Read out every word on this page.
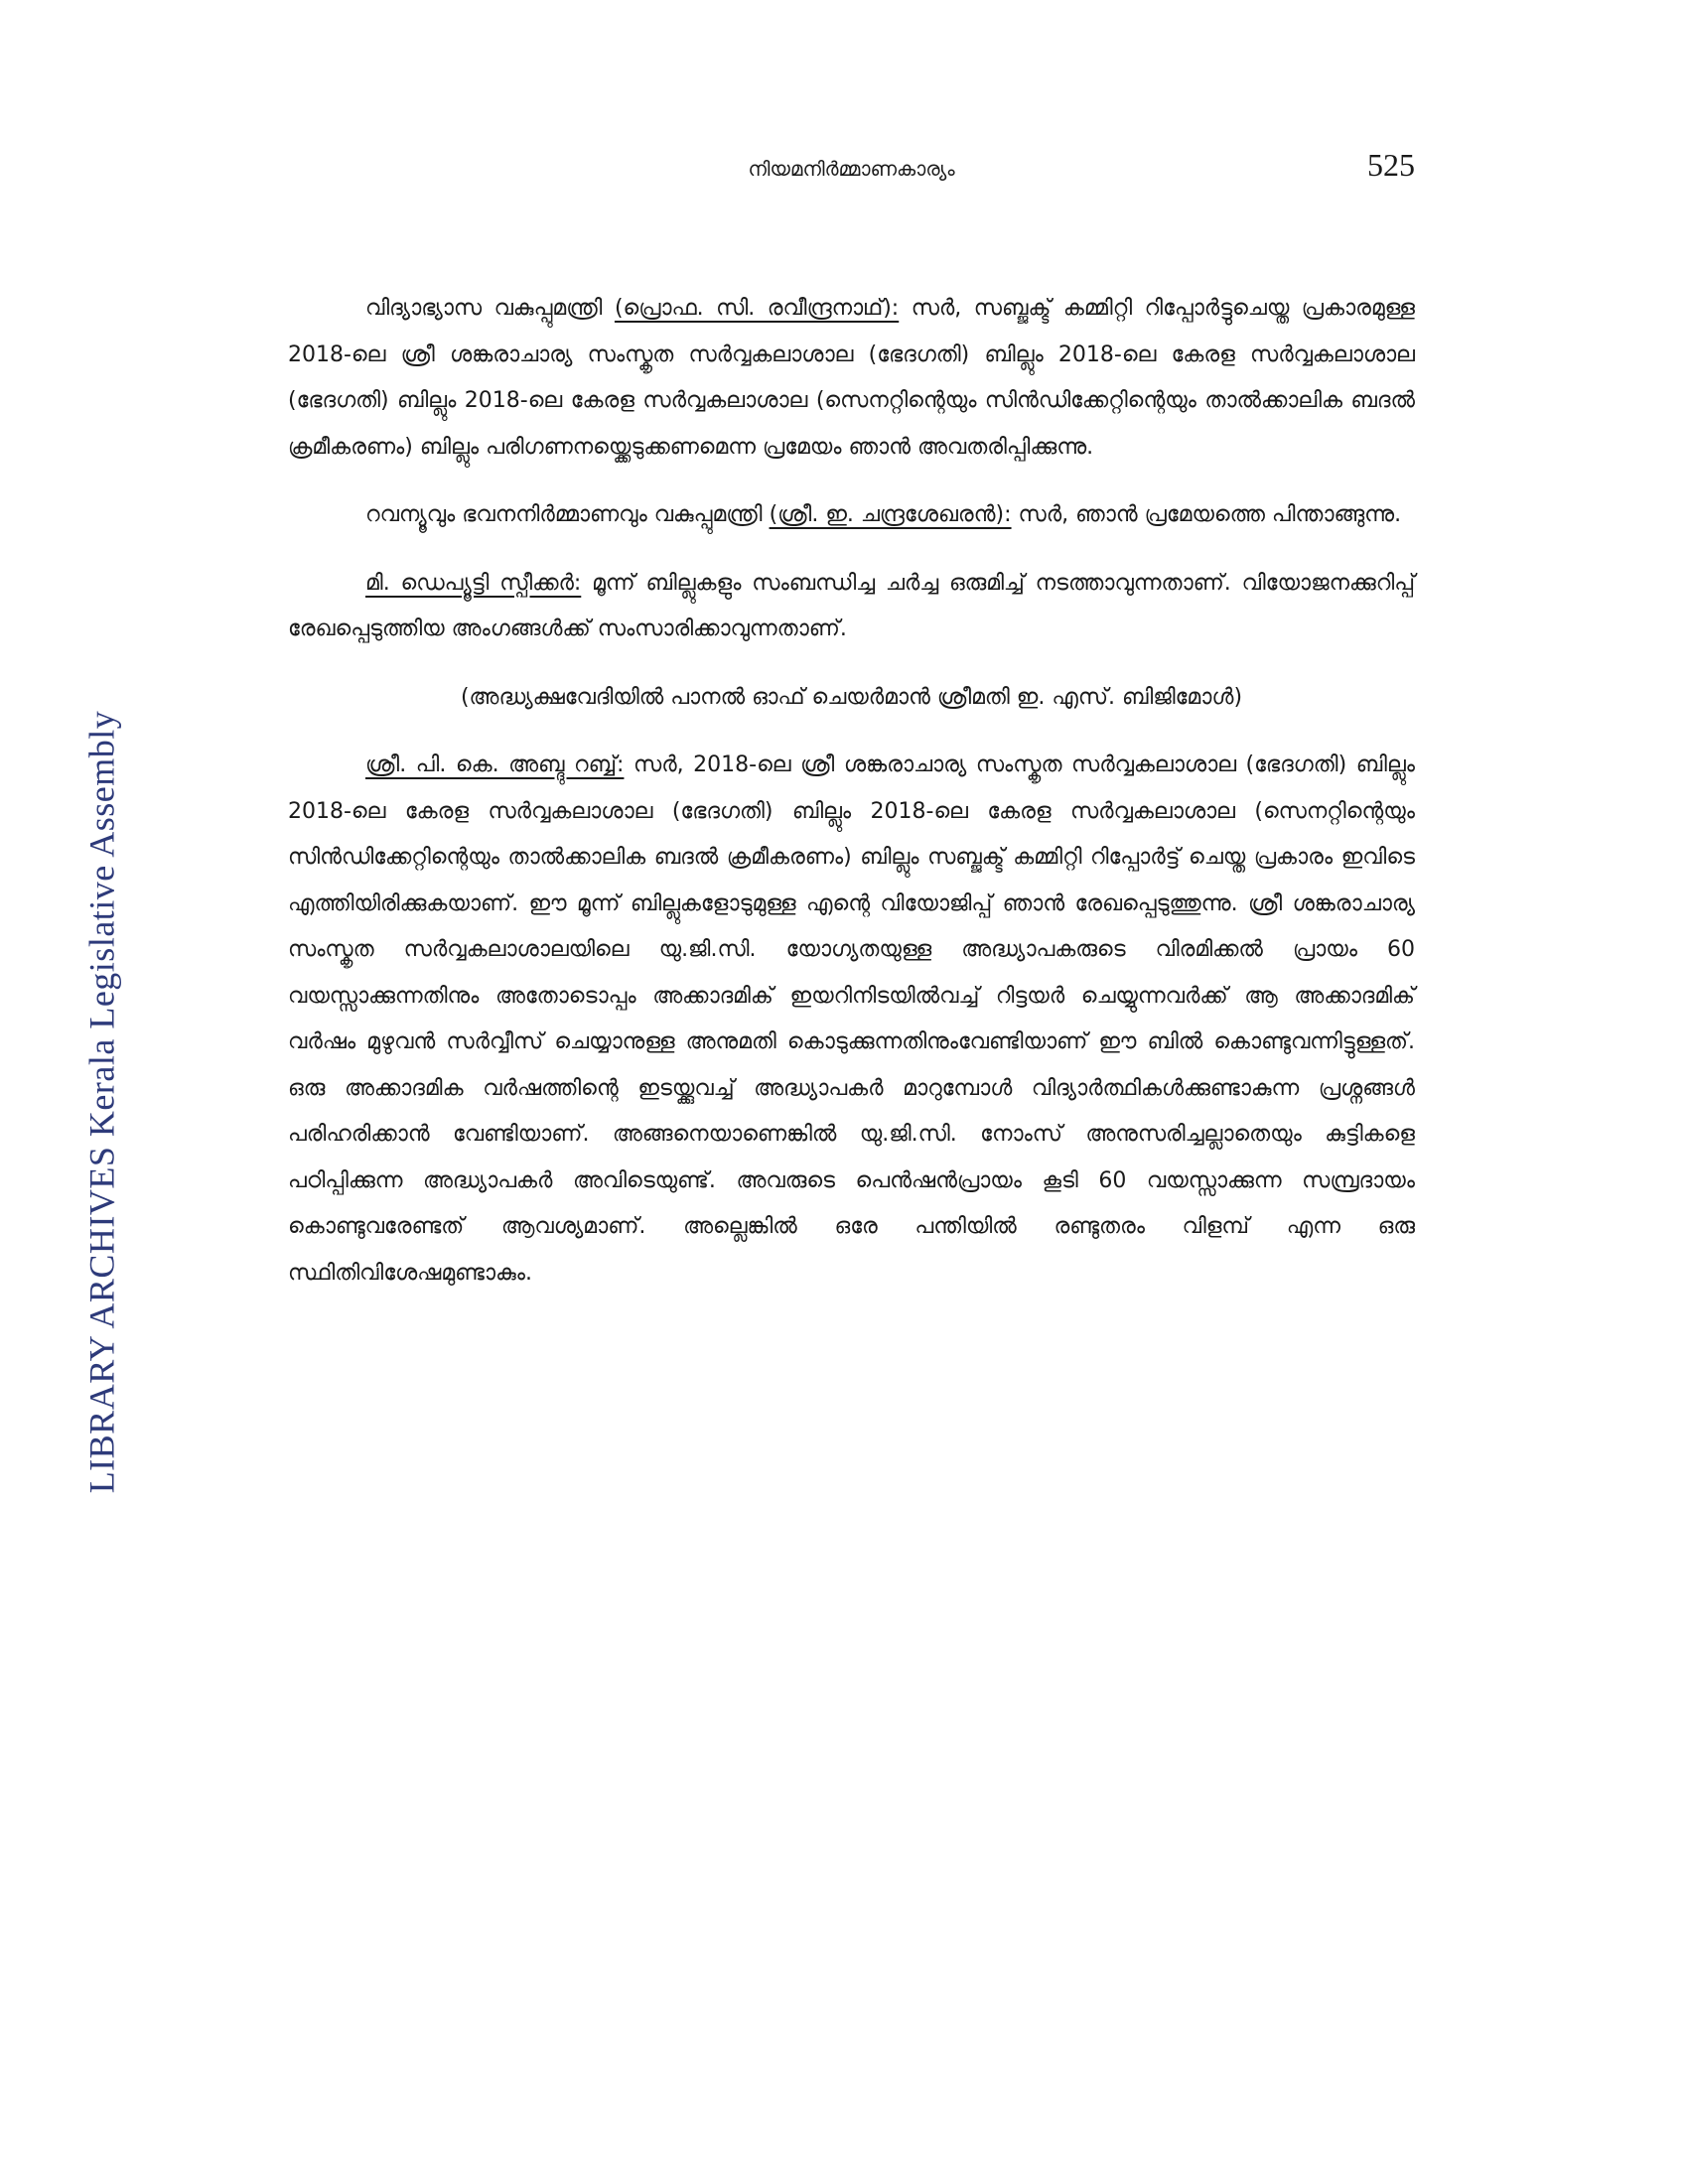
LIBRARY ARCHIVES Kerala Legislative Assembly
നിയമനിർമ്മാണകാര്യം	525

വിദ്യാഭ്യാസ വകുപ്പുമന്ത്രി (പ്രൊഫ. സി. രവീന്ദ്രനാഥ്): സർ, സബ്ജക്ട് കമ്മിറ്റി റിപ്പോർട്ടുചെയ്ത പ്രകാരമുള്ള 2018-ലെ ശ്രീ ശങ്കരാചാര്യ സംസ്കൃത സർവ്വകലാശാല (ഭേദഗതി) ബില്ലും 2018-ലെ കേരള സർവ്വകലാശാല (ഭേദഗതി) ബില്ലും 2018-ലെ കേരള സർവ്വകലാശാല (സെനറ്റിന്റെയും സിൻഡിക്കേറ്റിന്റെയും താൽക്കാലിക ബദൽ ക്രമീകരണം) ബില്ലും പരിഗണനയ്ക്കെടുക്കണമെന്ന പ്രമേയം ഞാൻ അവതരിപ്പിക്കുന്നു.

റവന്യൂവും ഭവനനിർമ്മാണവും വകുപ്പുമന്ത്രി (ശ്രീ. ഇ. ചന്ദ്രശേഖരൻ): സർ, ഞാൻ പ്രമേയത്തെ പിന്താങ്ങുന്നു.

മി. ഡെപ്യൂട്ടി സ്പീക്കർ: മൂന്ന് ബില്ലുകളും സംബന്ധിച്ച ചർച്ച ഒരുമിച്ച് നടത്താവുന്നതാണ്. വിയോജനക്കുറിപ്പ് രേഖപ്പെടുത്തിയ അംഗങ്ങൾക്ക് സംസാരിക്കാവുന്നതാണ്.

(അദ്ധ്യക്ഷവേദിയിൽ പാനൽ ഓഫ് ചെയർമാൻ ശ്രീമതി ഇ. എസ്. ബിജിമോൾ)

ശ്രീ. പി. കെ. അബ്ദു റബ്ബ്: സർ, 2018-ലെ ശ്രീ ശങ്കരാചാര്യ സംസ്കൃത സർവ്വകലാശാല (ഭേദഗതി) ബില്ലും 2018-ലെ കേരള സർവ്വകലാശാല (ഭേദഗതി) ബില്ലും 2018-ലെ കേരള സർവ്വകലാശാല (സെനറ്റിന്റെയും സിൻഡിക്കേറ്റിന്റെയും താൽക്കാലിക ബദൽ ക്രമീകരണം) ബില്ലും സബ്ജക്ട് കമ്മിറ്റി റിപ്പോർട്ട് ചെയ്ത പ്രകാരം ഇവിടെ എത്തിയിരിക്കുകയാണ്. ഈ മൂന്ന് ബില്ലുകളോടുമുള്ള എന്റെ വിയോജിപ്പ് ഞാൻ രേഖപ്പെടുത്തുന്നു. ശ്രീ ശങ്കരാചാര്യ സംസ്കൃത സർവ്വകലാശാലയിലെ യു.ജി.സി. യോഗ്യതയുള്ള അദ്ധ്യാപകരുടെ വിരമിക്കൽ പ്രായം 60 വയസ്സാക്കുന്നതിനും അതോടൊപ്പം അക്കാദമിക് ഇയറിനിടയിൽവച്ച് റിട്ടയർ ചെയ്യുന്നവർക്ക് ആ അക്കാദമിക് വർഷം മുഴുവൻ സർവ്വീസ് ചെയ്യാനുള്ള അനുമതി കൊടുക്കുന്നതിനുംവേണ്ടിയാണ് ഈ ബിൽ കൊണ്ടുവന്നിട്ടുള്ളത്. ഒരു അക്കാദമിക വർഷത്തിന്റെ ഇടയ്ക്കുവച്ച് അദ്ധ്യാപകർ മാറുമ്പോൾ വിദ്യാർത്ഥികൾക്കുണ്ടാകുന്ന പ്രശ്നങ്ങൾ പരിഹരിക്കാൻ വേണ്ടിയാണ്. അങ്ങനെയാണെങ്കിൽ യു.ജി.സി. നോംസ് അനുസരിച്ചല്ലാതെയും കുട്ടികളെ പഠിപ്പിക്കുന്ന അദ്ധ്യാപകർ അവിടെയുണ്ട്. അവരുടെ പെൻഷൻപ്രായം കൂടി 60 വയസ്സാക്കുന്ന സമ്പ്രദായം കൊണ്ടുവരേണ്ടത് ആവശ്യമാണ്. അല്ലെങ്കിൽ ഒരേ പന്തിയിൽ രണ്ടുതരം വിളമ്പ് എന്ന ഒരു സ്ഥിതിവിശേഷമുണ്ടാകും.
